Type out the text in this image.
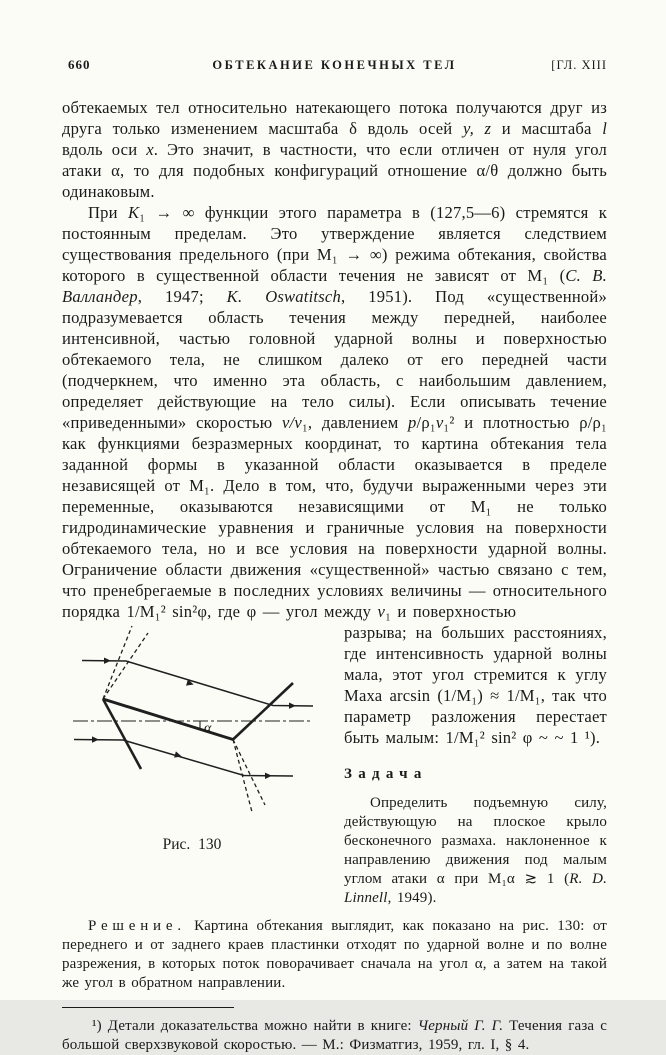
660	ОБТЕКАНИЕ КОНЕЧНЫХ ТЕЛ	[ГЛ. XIII

обтекаемых тел относительно натекающего потока получаются друг из друга только изменением масштаба δ вдоль осей y, z и масштаба l вдоль оси x. Это значит, в частности, что если отличен от нуля угол атаки α, то для подобных конфигураций отношение α/θ должно быть одинаковым.

При K₁ → ∞ функции этого параметра в (127,5—6) стремятся к постоянным пределам. Это утверждение является следствием существования предельного (при M₁ → ∞) режима обтекания, свойства которого в существенной области течения не зависят от M₁ (С. В. Валландер, 1947; K. Oswatitsch, 1951). Под «существенной» подразумевается область течения между передней, наиболее интенсивной, частью головной ударной волны и поверхностью обтекаемого тела, не слишком далеко от его передней части (подчеркнем, что именно эта область, с наибольшим давлением, определяет действующие на тело силы). Если описывать течение «приведенными» скоростью v/v₁, давлением p/ρ₁v₁² и плотностью ρ/ρ₁ как функциями безразмерных координат, то картина обтекания тела заданной формы в указанной области оказывается в пределе независящей от M₁. Дело в том, что, будучи выраженными через эти переменные, оказываются независящими от M₁ не только гидродинамические уравнения и граничные условия на поверхности обтекаемого тела, но и все условия на поверхности ударной волны. Ограничение области движения «существенной» частью связано с тем, что пренебрегаемые в последних условиях величины — относительного порядка 1/M₁² sin²φ, где φ — угол между v₁ и поверхностью

α
Рис. 130

разрыва; на больших расстояниях, где интенсивность ударной волны мала, этот угол стремится к углу Маха arcsin (1/M₁) ≈ 1/M₁, так что параметр разложения перестает быть малым: 1/M₁² sin² φ ~ ~ 1 ¹).

Задача

Определить подъемную силу, действующую на плоское крыло бесконечного размаха. наклоненное к направлению движения под малым углом атаки α при M₁α ≳ 1 (R. D. Linnell, 1949).

Решение. Картина обтекания выглядит, как показано на рис. 130: от переднего и от заднего краев пластинки отходят по ударной волне и по волне разрежения, в которых поток поворачивает сначала на угол α, а затем на такой же угол в обратном направлении.

¹) Детали доказательства можно найти в книге: Черный Г. Г. Течения газа с большой сверхзвуковой скоростью. — М.: Физматгиз, 1959, гл. I, § 4.
